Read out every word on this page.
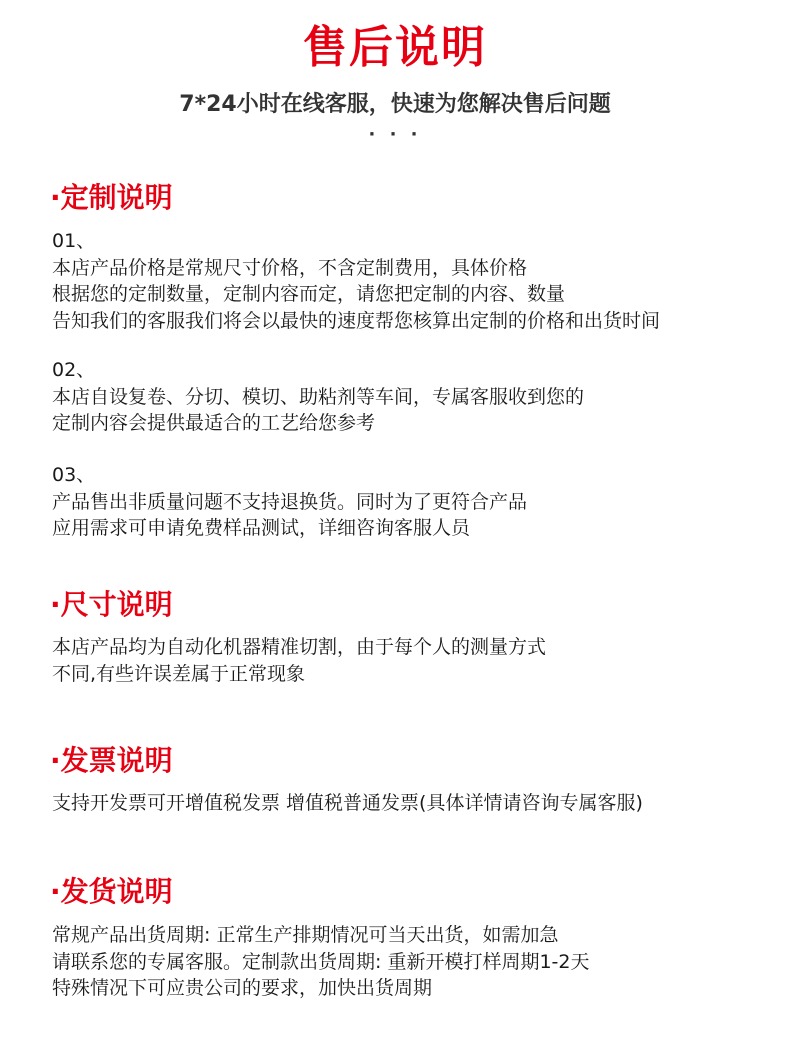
售后说明
7*24小时在线客服，快速为您解决售后问题
· · ·
·定制说明
01、
本店产品价格是常规尺寸价格，不含定制费用，具体价格
根据您的定制数量，定制内容而定，请您把定制的内容、数量
告知我们的客服我们将会以最快的速度帮您核算出定制的价格和出货时间
02、
本店自设复卷、分切、模切、助粘剂等车间，专属客服收到您的
定制内容会提供最适合的工艺给您参考
03、
产品售出非质量问题不支持退换货。同时为了更符合产品
应用需求可申请免费样品测试，详细咨询客服人员
·尺寸说明
本店产品均为自动化机器精准切割，由于每个人的测量方式
不同,有些许误差属于正常现象
·发票说明
支持开发票可开增值税发票 增值税普通发票(具体详情请咨询专属客服)
·发货说明
常规产品出货周期: 正常生产排期情况可当天出货，如需加急
请联系您的专属客服。定制款出货周期: 重新开模打样周期1-2天
特殊情况下可应贵公司的要求，加快出货周期
